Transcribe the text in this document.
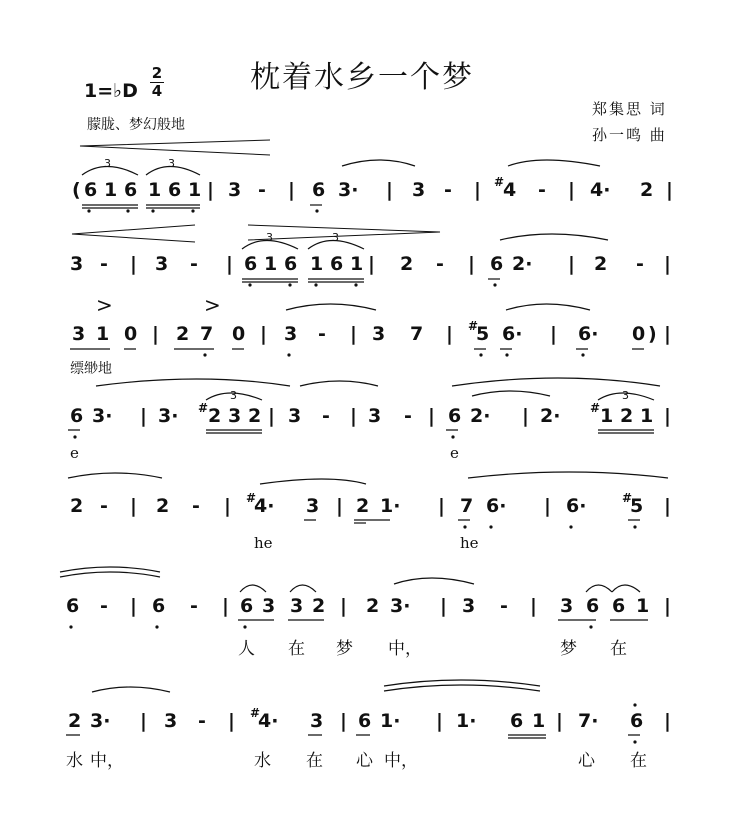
枕着水乡一个梦
1=♭D
2
4
朦胧、梦幻般地
郑集思 词
孙一鸣 曲
缥缈地
( 6 1 6 1 6 1 | 3 - | 6 3· | 3 - | #
4 - | 4· 2 |
3	3
3 - | 3 - | 6 1 6 1 6 1 | 2 - | 6 2· | 2 - |
3	3
3 1 0 | 2 7 0 | 3 - | 3 7 | #
5 6· | 6· 0 ) |
>	>
6 3· | 3· # 2 3 2 | 3 - | 3 - | 6 2· | 2· # 1 2 1 |
3	3
e	e
2 - | 2 - | #
4· 3 | 2 1· | 7 6· | 6·	#
5 |
he	he
6 - | 6 - | 6 3 3 2 | 2 3· | 3 - | 3 6 6 1 |
人 在 梦 中，	梦 在
2 3· | 3 - | #
4· 3 | 6 1· | 1· 6 1 | 7· 6 |
水 中，	水 在 心 中，	心 在
